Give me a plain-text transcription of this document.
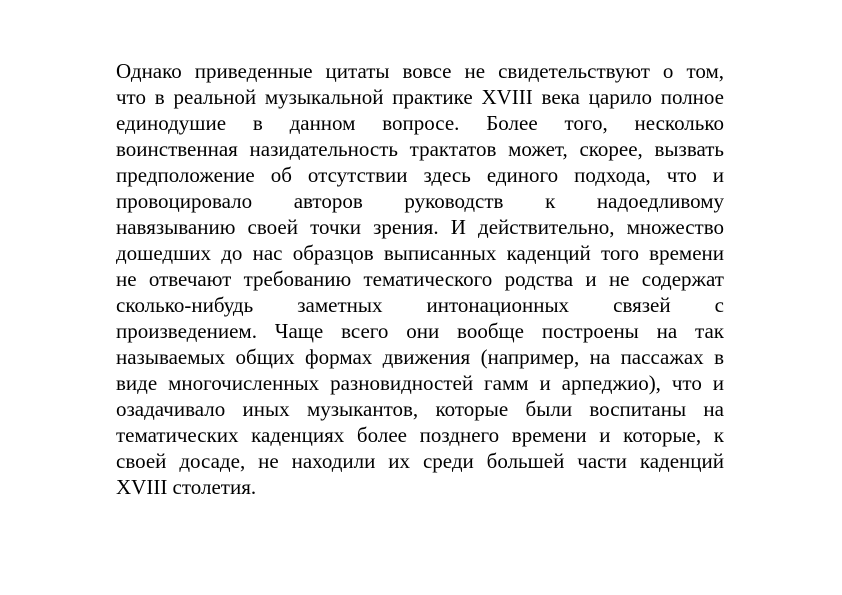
Однако приведенные цитаты вовсе не свидетельствуют о том,
что в реальной музыкальной практике XVIII века царило полное
единодушие в данном вопросе. Более того, несколько
воинственная назидательность трактатов может, скорее, вызвать
предположение об отсутствии здесь единого подхода, что и
провоцировало авторов руководств к надоедливому
навязыванию своей точки зрения. И действительно, множество
дошедших до нас образцов выписанных каденций того времени
не отвечают требованию тематического родства и не содержат
сколько-нибудь заметных интонационных связей с
произведением. Чаще всего они вообще построены на так
называемых общих формах движения (например, на пассажах в
виде многочисленных разновидностей гамм и арпеджио), что и
озадачивало иных музыкантов, которые были воспитаны на
тематических каденциях более позднего времени и которые, к
своей досаде, не находили их среди большей части каденций
XVIII столетия.
